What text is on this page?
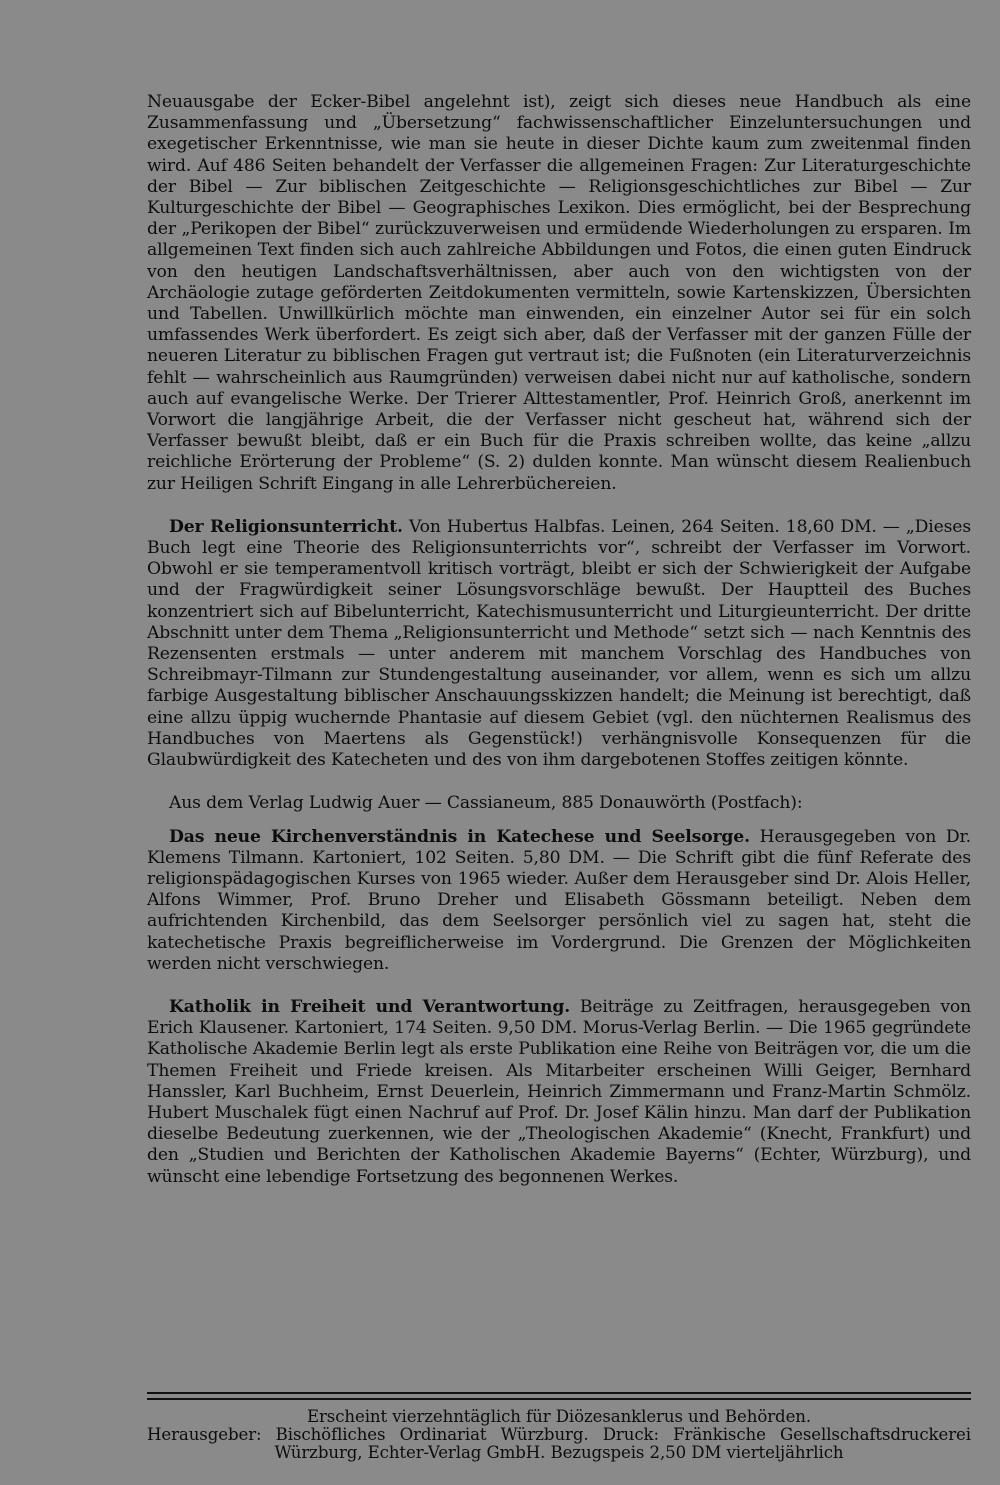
Neuausgabe der Ecker-Bibel angelehnt ist), zeigt sich dieses neue Handbuch als eine Zusammenfassung und „Übersetzung“ fachwissenschaftlicher Einzeluntersuchungen und exegetischer Erkenntnisse, wie man sie heute in dieser Dichte kaum zum zweitenmal finden wird. Auf 486 Seiten behandelt der Verfasser die allgemeinen Fragen: Zur Literaturgeschichte der Bibel — Zur biblischen Zeitgeschichte — Religionsgeschichtliches zur Bibel — Zur Kulturgeschichte der Bibel — Geographisches Lexikon. Dies ermöglicht, bei der Besprechung der „Perikopen der Bibel“ zurückzuverweisen und ermüdende Wiederholungen zu ersparen. Im allgemeinen Text finden sich auch zahlreiche Abbildungen und Fotos, die einen guten Eindruck von den heutigen Landschaftsverhältnissen, aber auch von den wichtigsten von der Archäologie zutage geförderten Zeitdokumenten vermitteln, sowie Kartenskizzen, Übersichten und Tabellen. Unwillkürlich möchte man einwenden, ein einzelner Autor sei für ein solch umfassendes Werk überfordert. Es zeigt sich aber, daß der Verfasser mit der ganzen Fülle der neueren Literatur zu biblischen Fragen gut vertraut ist; die Fußnoten (ein Literaturverzeichnis fehlt — wahrscheinlich aus Raumgründen) verweisen dabei nicht nur auf katholische, sondern auch auf evangelische Werke. Der Trierer Alttestamentler, Prof. Heinrich Groß, anerkennt im Vorwort die langjährige Arbeit, die der Verfasser nicht gescheut hat, während sich der Verfasser bewußt bleibt, daß er ein Buch für die Praxis schreiben wollte, das keine „allzu reichliche Erörterung der Probleme“ (S. 2) dulden konnte. Man wünscht diesem Realienbuch zur Heiligen Schrift Eingang in alle Lehrerbüchereien.

Der Religionsunterricht. Von Hubertus Halbfas. Leinen, 264 Seiten. 18,60 DM. — „Dieses Buch legt eine Theorie des Religionsunterrichts vor“, schreibt der Verfasser im Vorwort. Obwohl er sie temperamentvoll kritisch vorträgt, bleibt er sich der Schwierigkeit der Aufgabe und der Fragwürdigkeit seiner Lösungsvorschläge bewußt. Der Hauptteil des Buches konzentriert sich auf Bibelunterricht, Katechismusunterricht und Liturgieunterricht. Der dritte Abschnitt unter dem Thema „Religionsunterricht und Methode“ setzt sich — nach Kenntnis des Rezensenten erstmals — unter anderem mit manchem Vorschlag des Handbuches von Schreibmayr-Tilmann zur Stundengestaltung auseinander, vor allem, wenn es sich um allzu farbige Ausgestaltung biblischer Anschauungsskizzen handelt; die Meinung ist berechtigt, daß eine allzu üppig wuchernde Phantasie auf diesem Gebiet (vgl. den nüchternen Realismus des Handbuches von Maertens als Gegenstück!) verhängnisvolle Konsequenzen für die Glaubwürdigkeit des Katecheten und des von ihm dargebotenen Stoffes zeitigen könnte.

Aus dem Verlag Ludwig Auer — Cassianeum, 885 Donauwörth (Postfach):

Das neue Kirchenverständnis in Katechese und Seelsorge. Herausgegeben von Dr. Klemens Tilmann. Kartoniert, 102 Seiten. 5,80 DM. — Die Schrift gibt die fünf Referate des religionspädagogischen Kurses von 1965 wieder. Außer dem Herausgeber sind Dr. Alois Heller, Alfons Wimmer, Prof. Bruno Dreher und Elisabeth Gössmann beteiligt. Neben dem aufrichtenden Kirchenbild, das dem Seelsorger persönlich viel zu sagen hat, steht die katechetische Praxis begreiflicherweise im Vordergrund. Die Grenzen der Möglichkeiten werden nicht verschwiegen.

Katholik in Freiheit und Verantwortung. Beiträge zu Zeitfragen, herausgegeben von Erich Klausener. Kartoniert, 174 Seiten. 9,50 DM. Morus-Verlag Berlin. — Die 1965 gegründete Katholische Akademie Berlin legt als erste Publikation eine Reihe von Beiträgen vor, die um die Themen Freiheit und Friede kreisen. Als Mitarbeiter erscheinen Willi Geiger, Bernhard Hanssler, Karl Buchheim, Ernst Deuerlein, Heinrich Zimmermann und Franz-Martin Schmölz. Hubert Muschalek fügt einen Nachruf auf Prof. Dr. Josef Kälin hinzu. Man darf der Publikation dieselbe Bedeutung zuerkennen, wie der „Theologischen Akademie“ (Knecht, Frankfurt) und den „Studien und Berichten der Katholischen Akademie Bayerns“ (Echter, Würzburg), und wünscht eine lebendige Fortsetzung des begonnenen Werkes.

Erscheint vierzehntäglich für Diözesanklerus und Behörden.
Herausgeber: Bischöfliches Ordinariat Würzburg. Druck: Fränkische Gesellschaftsdruckerei Würzburg, Echter-Verlag GmbH. Bezugspeis 2,50 DM vierteljährlich
